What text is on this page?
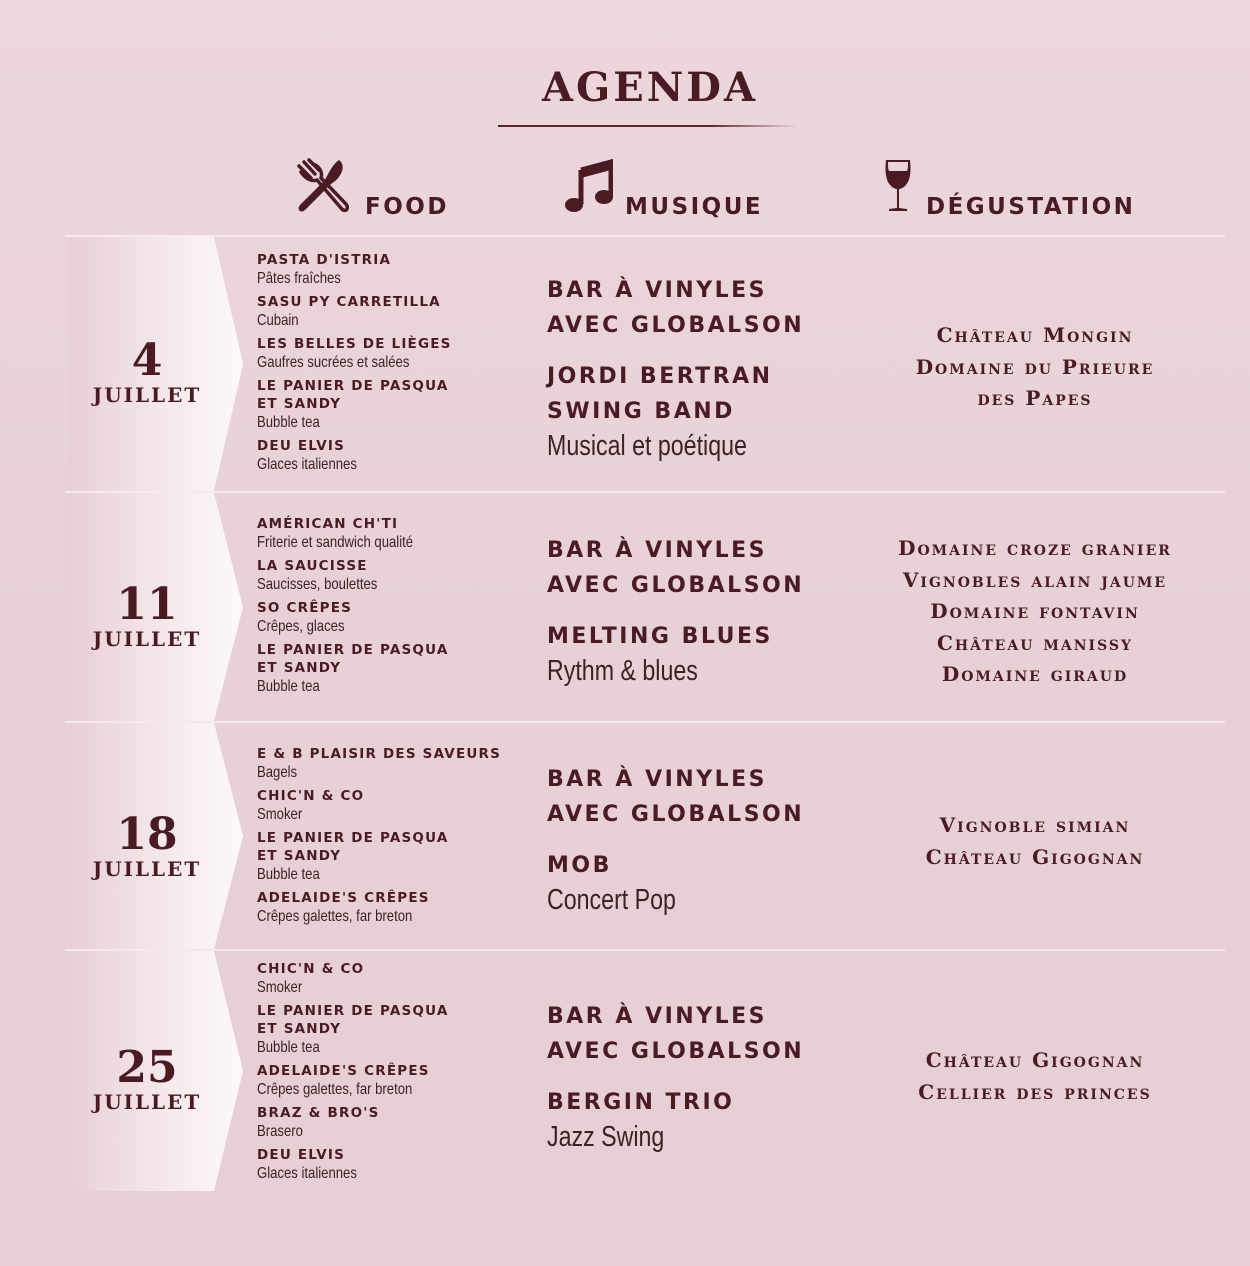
AGENDA
FOOD	MUSIQUE	DÉGUSTATION
4
JUILLET
PASTA D'ISTRIA
Pâtes fraîches
SASU PY CARRETILLA
Cubain
LES BELLES DE LIÈGES
Gaufres sucrées et salées
LE PANIER DE PASQUA
ET SANDY
Bubble tea
DEU ELVIS
Glaces italiennes
BAR À VINYLES
AVEC GLOBALSON
JORDI BERTRAN
SWING BAND
Musical et poétique
Château Mongin
Domaine du Prieure
des Papes
11
JUILLET
AMÉRICAN CH'TI
Friterie et sandwich qualité
LA SAUCISSE
Saucisses, boulettes
SO CRÊPES
Crêpes, glaces
LE PANIER DE PASQUA
ET SANDY
Bubble tea
BAR À VINYLES
AVEC GLOBALSON
MELTING BLUES
Rythm & blues
Domaine croze granier
Vignobles alain jaume
Domaine fontavin
Château manissy
Domaine giraud
18
JUILLET
E & B PLAISIR DES SAVEURS
Bagels
CHIC'N & CO
Smoker
LE PANIER DE PASQUA
ET SANDY
Bubble tea
ADELAIDE'S CRÊPES
Crêpes galettes, far breton
BAR À VINYLES
AVEC GLOBALSON
MOB
Concert Pop
Vignoble simian
Château Gigognan
25
JUILLET
CHIC'N & CO
Smoker
LE PANIER DE PASQUA
ET SANDY
Bubble tea
ADELAIDE'S CRÊPES
Crêpes galettes, far breton
BRAZ & BRO'S
Brasero
DEU ELVIS
Glaces italiennes
BAR À VINYLES
AVEC GLOBALSON
BERGIN TRIO
Jazz Swing
Château Gigognan
Cellier des princes
